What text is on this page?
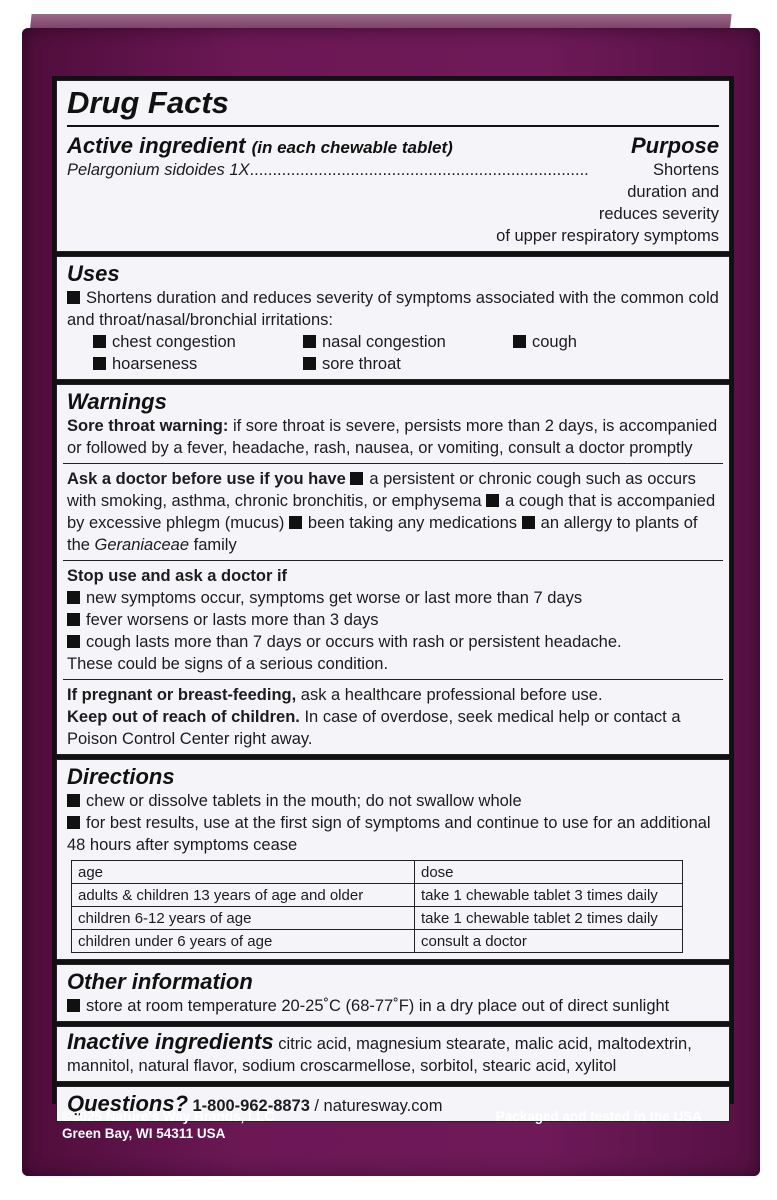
Drug Facts
Active ingredient (in each chewable tablet)	Purpose
Pelargonium sidoides 1X ..........................................................................	Shortens duration and reduces severity
of upper respiratory symptoms
Uses
Shortens duration and reduces severity of symptoms associated with the common cold and throat/nasal/bronchial irritations:
chest congestion	nasal congestion	cough
hoarseness	sore throat
Warnings
Sore throat warning: if sore throat is severe, persists more than 2 days, is accompanied or followed by a fever, headache, rash, nausea, or vomiting, consult a doctor promptly
Ask a doctor before use if you have a persistent or chronic cough such as occurs with smoking, asthma, chronic bronchitis, or emphysema a cough that is accompanied by excessive phlegm (mucus) been taking any medications an allergy to plants of the Geraniaceae family
Stop use and ask a doctor if
new symptoms occur, symptoms get worse or last more than 7 days
fever worsens or lasts more than 3 days
cough lasts more than 7 days or occurs with rash or persistent headache.
These could be signs of a serious condition.
If pregnant or breast-feeding, ask a healthcare professional before use.
Keep out of reach of children. In case of overdose, seek medical help or contact a Poison Control Center right away.
Directions
chew or dissolve tablets in the mouth; do not swallow whole
for best results, use at the first sign of symptoms and continue to use for an additional 48 hours after symptoms cease
age	dose
adults & children 13 years of age and older	take 1 chewable tablet 3 times daily
children 6-12 years of age	take 1 chewable tablet 2 times daily
children under 6 years of age	consult a doctor
Other information
store at room temperature 20-25˚C (68-77˚F) in a dry place out of direct sunlight
Inactive ingredients citric acid, magnesium stearate, malic acid, maltodextrin, mannitol, natural flavor, sodium croscarmellose, sorbitol, stearic acid, xylitol
Questions? 1-800-962-8873 / naturesway.com
©2025 Nature's Way Brands, LLC
Green Bay, WI 54311 USA
Packaged and tested in the USA
